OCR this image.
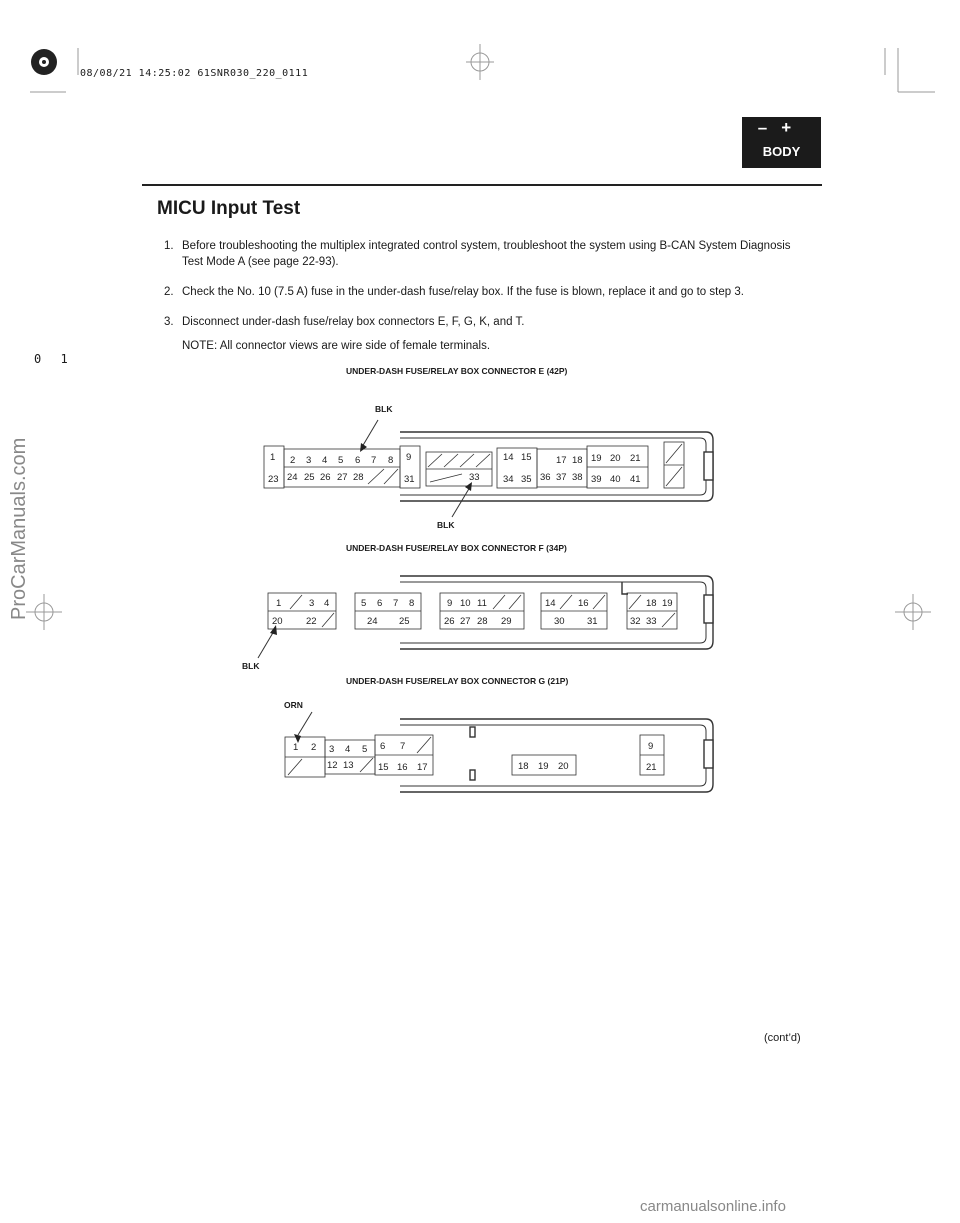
08/08/21 14:25:02 61SNR030_220_0111
0 1
–+
BODY
MICU Input Test
1. Before troubleshooting the multiplex integrated control system, troubleshoot the system using B-CAN System Diagnosis Test Mode A (see page 22-93).
2. Check the No. 10 (7.5 A) fuse in the under-dash fuse/relay box. If the fuse is blown, replace it and go to step 3.
3. Disconnect under-dash fuse/relay box connectors E, F, G, K, and T.
NOTE: All connector views are wire side of female terminals.
UNDER-DASH FUSE/RELAY BOX CONNECTOR E (42P)
BLK
BLK
UNDER-DASH FUSE/RELAY BOX CONNECTOR F (34P)
BLK
UNDER-DASH FUSE/RELAY BOX CONNECTOR G (21P)
ORN
1 2 3 4 5 6 7 8 9	14 15	17 18 19 20 21
23 24 25 26 27 28	31	33 34 35 36 37 38 39 40 41
1	3 4	5 6 7 8	9 10 11	14 16	18 19
20 22	24 25	26 27 28 29	30 31	32 33
1 2 3 4 5 6 7	9
12 13	15 16 17	18 19 20	21
(cont’d)
ProCarManuals.com
carmanualsonline.info
